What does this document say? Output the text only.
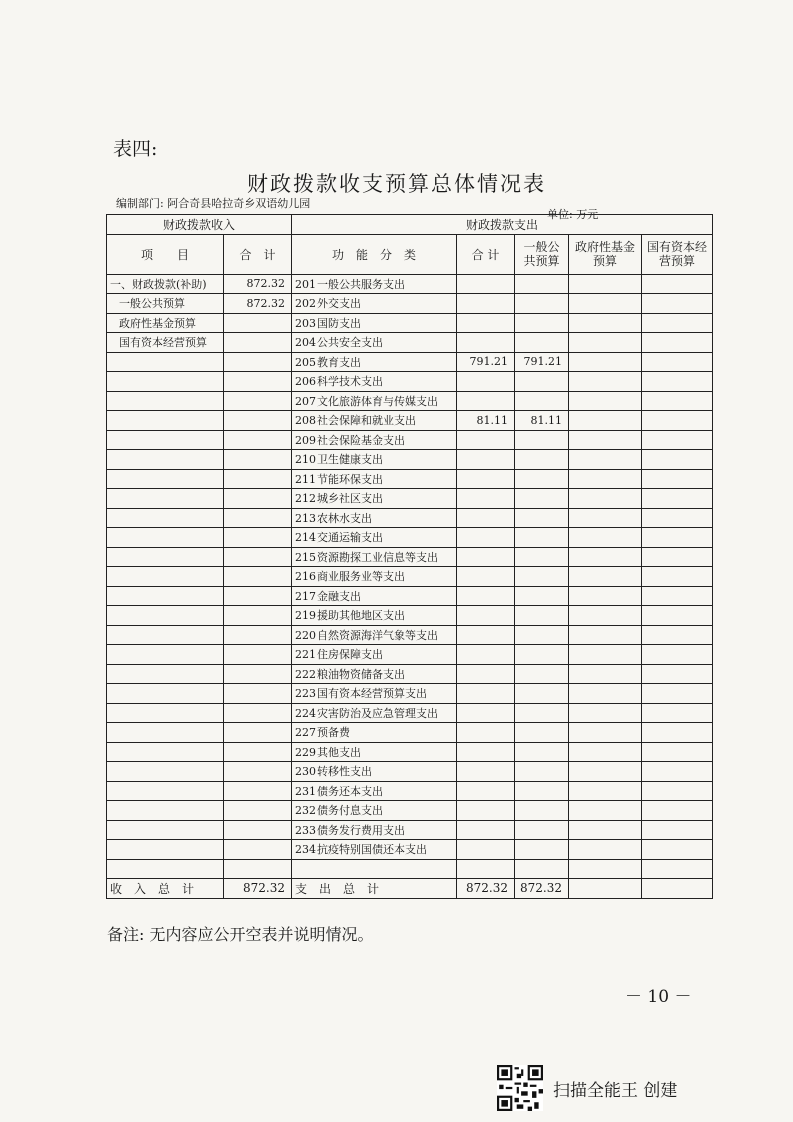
表四:
财政拨款收支预算总体情况表
编制部门: 阿合奇县哈拉奇乡双语幼儿园
单位: 万元
财政拨款收入		财政拨款支出				
项　　目	合　计	功　能　分　类	合 计	一般公共预算	政府性基金预算	国有资本经营预算
一、财政拨款(补助)	872.32	201一般公共服务支出				
一般公共预算	872.32	202外交支出				
政府性基金预算		203国防支出				
国有资本经营预算		204公共安全支出				
		205教育支出	791.21	791.21		
		206科学技术支出				
		207文化旅游体育与传媒支出				
		208社会保障和就业支出	81.11	81.11		
		209社会保险基金支出				
		210卫生健康支出				
		211节能环保支出				
		212城乡社区支出				
		213农林水支出				
		214交通运输支出				
		215资源勘探工业信息等支出				
		216商业服务业等支出				
		217金融支出				
		219援助其他地区支出				
		220自然资源海洋气象等支出				
		221住房保障支出				
		222粮油物资储备支出				
		223国有资本经营预算支出				
		224灾害防治及应急管理支出				
		227预备费				
		229其他支出				
		230转移性支出				
		231债务还本支出				
		232债务付息支出				
		233债务发行费用支出				
		234抗疫特别国债还本支出				

收　入　总　计	872.32	支　出　总　计	872.32	872.32		
备注: 无内容应公开空表并说明情况。
－ 10 －
扫描全能王 创建
